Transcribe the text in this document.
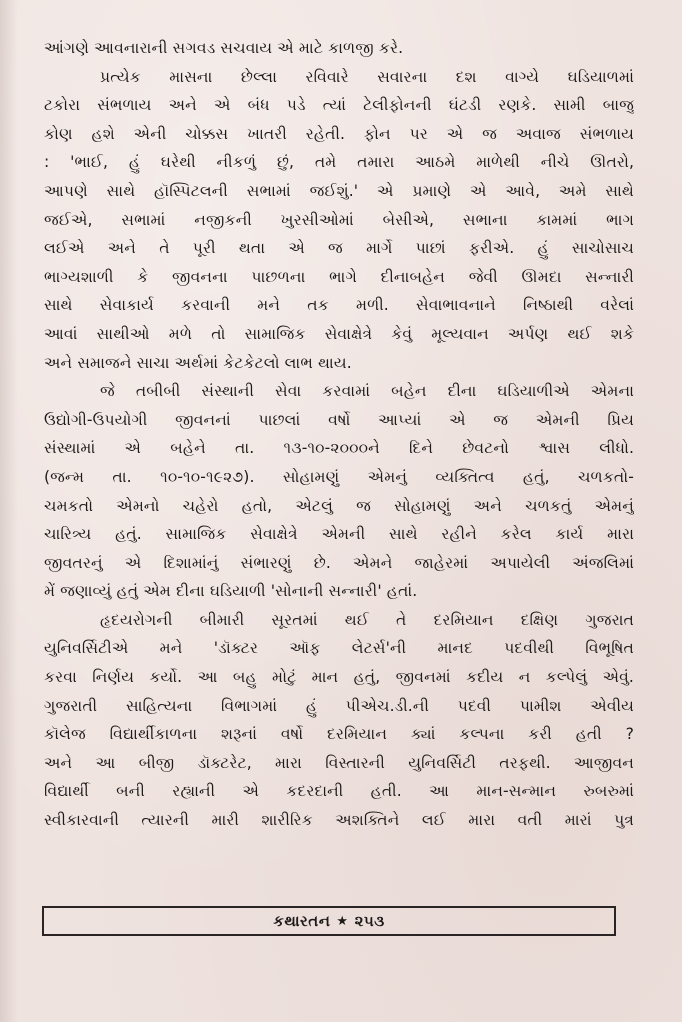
આંગણે આવનારાની સગવડ સચવાય એ માટે કાળજી કરે.
પ્રત્યેક માસના છેલ્લા રવિવારે સવારના દશ વાગ્યે ઘડિયાળમાં
ટકોરા સંભળાય અને એ બંધ પડે ત્યાં ટેલીફોનની ઘંટડી રણકે. સામી બાજુ
કોણ હશે એની ચોક્કસ ખાતરી રહેતી. ફોન પર એ જ અવાજ સંભળાય
: 'ભાઈ, હું ઘરેથી નીકળું છું, તમે તમારા આઠમે માળેથી નીચે ઊતરો,
આપણે સાથે હૉસ્પિટલની સભામાં જઈશું.' એ પ્રમાણે એ આવે, અમે સાથે
જઈએ, સભામાં નજીકની ખુરસીઓમાં બેસીએ, સભાના કામમાં ભાગ
લઈએ અને તે પૂરી થતા એ જ માર્ગે પાછાં ફરીએ. હું સાચોસાચ
ભાગ્યશાળી કે જીવનના પાછળના ભાગે દીનાબહેન જેવી ઊમદા સન્નારી
સાથે સેવાકાર્ય કરવાની મને તક મળી. સેવાભાવનાને નિષ્ઠાથી વરેલાં
આવાં સાથીઓ મળે તો સામાજિક સેવાક્ષેત્રે કેવું મૂલ્યવાન અર્પણ થઈ શકે
અને સમાજને સાચા અર્થમાં કેટકેટલો લાભ થાય.
જે તબીબી સંસ્થાની સેવા કરવામાં બહેન દીના ઘડિયાળીએ એમના
ઉદ્યોગી-ઉપયોગી જીવનનાં પાછલાં વર્ષો આપ્યાં એ જ એમની પ્રિય
સંસ્થામાં એ બહેને તા. ૧૩-૧૦-૨૦૦૦ને દિને છેવટનો શ્વાસ લીધો.
(જન્મ તા. ૧૦-૧૦-૧૯૨૭). સોહામણું એમનું વ્યક્તિત્વ હતું, ચળકતો-
ચમકતો એમનો ચહેરો હતો, એટલું જ સોહામણું અને ચળકતું એમનું
ચારિત્ર્ય હતું. સામાજિક સેવાક્ષેત્રે એમની સાથે રહીને કરેલ કાર્ય મારા
જીવતરનું એ દિશામાંનું સંભારણું છે. એમને જાહેરમાં અપાયેલી અંજલિમાં
મેં જણાવ્યું હતું એમ દીના ઘડિયાળી 'સોનાની સન્નારી' હતાં.
હૃદયરોગની બીમારી સૂરતમાં થઈ તે દરમિયાન દક્ષિણ ગુજરાત
યુનિવર્સિટીએ મને 'ડૉક્ટર ઑફ લેટર્સ'ની માનદ પદવીથી વિભૂષિત
કરવા નિર્ણય કર્યો. આ બહુ મોટું માન હતું, જીવનમાં કદીય ન કલ્પેલું એવું.
ગુજરાતી સાહિત્યના વિભાગમાં હું પીએચ.ડી.ની પદવી પામીશ એવીય
કૉલેજ વિદ્યાર્થીકાળના શરૂનાં વર્ષો દરમિયાન ક્યાં કલ્પના કરી હતી ?
અને આ બીજી ડૉક્ટરેટ, મારા વિસ્તારની યુનિવર્સિટી તરફથી. આજીવન
વિદ્યાર્થી બની રહ્યાની એ કદરદાની હતી. આ માન-સન્માન રુબરુમાં
સ્વીકારવાની ત્યારની મારી શારીરિક અશક્તિને લઈ મારા વતી મારાં પુત્ર
કથારતન ★ ૨૫૩
